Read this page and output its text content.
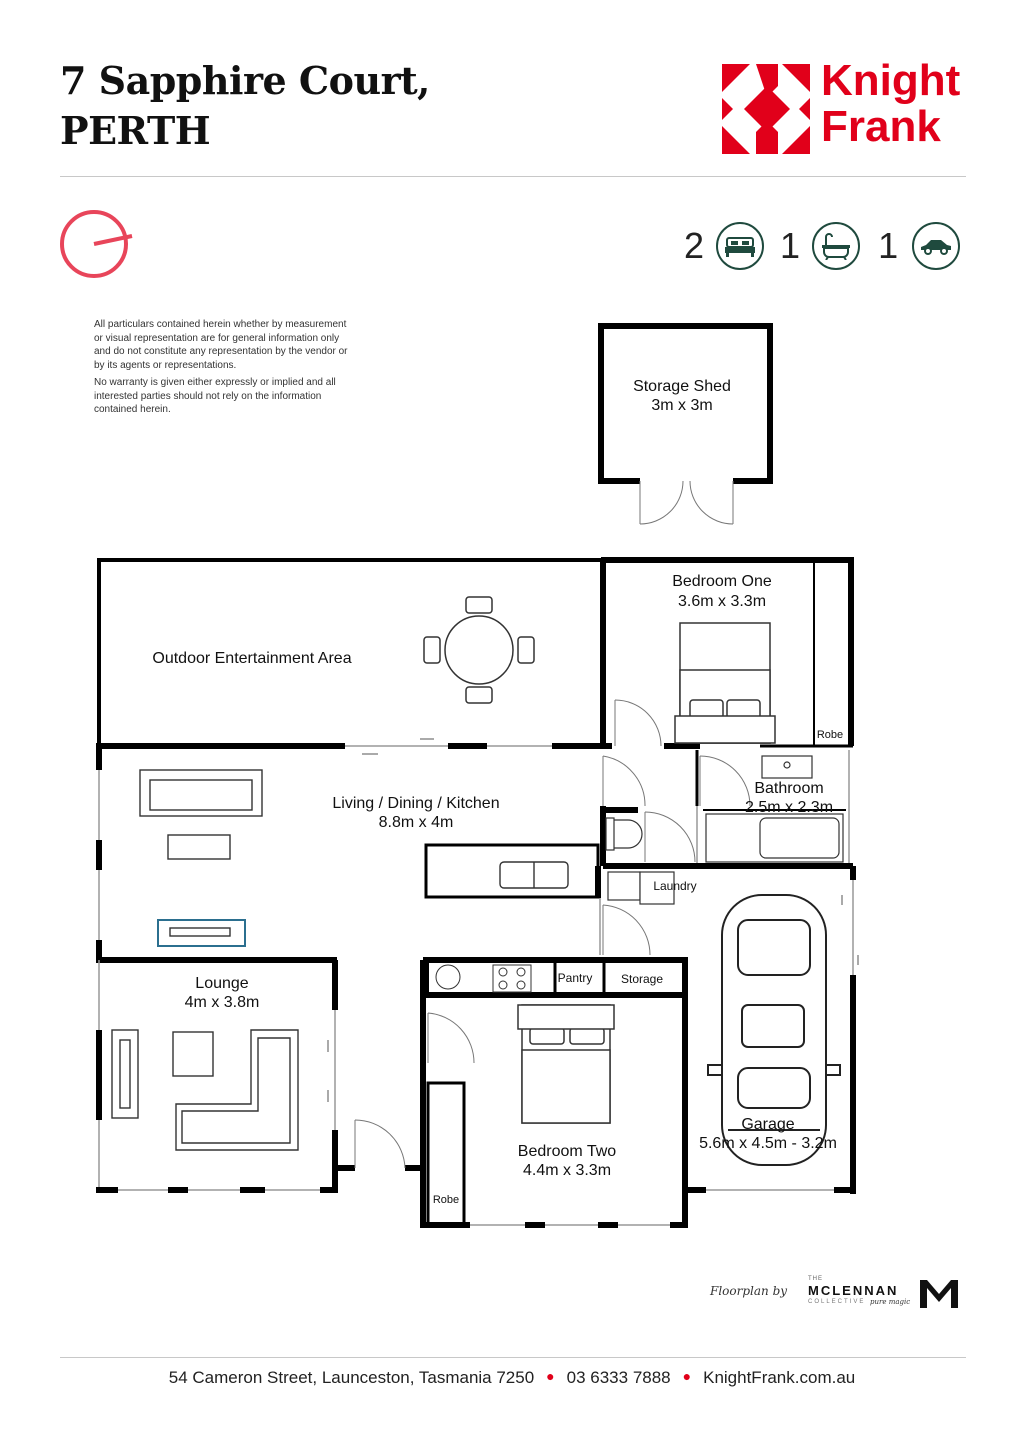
7 Sapphire Court,
PERTH
Knight
Frank
2 1 1

All particulars contained herein whether by measurement or visual representation are for general information only and do not constitute any representation by the vendor or by its agents or representations.

No warranty is given either expressly or implied and all interested parties should not rely on the information contained herein.

Storage Shed
3m x 3m
Bedroom One
3.6m x 3.3m
Outdoor Entertainment Area
Robe
Living / Dining / Kitchen
8.8m x 4m
Bathroom
2.5m x 2.3m
Laundry
Lounge
4m x 3.8m
Pantry Storage
Garage
5.6m x 4.5m - 3.2m
Bedroom Two
4.4m x 3.3m
Robe
Floorplan by
THE
MCLENNAN
COLLECTIVE pure magic
54 Cameron Street, Launceston, Tasmania 7250 ● 03 6333 7888 ● KnightFrank.com.au
